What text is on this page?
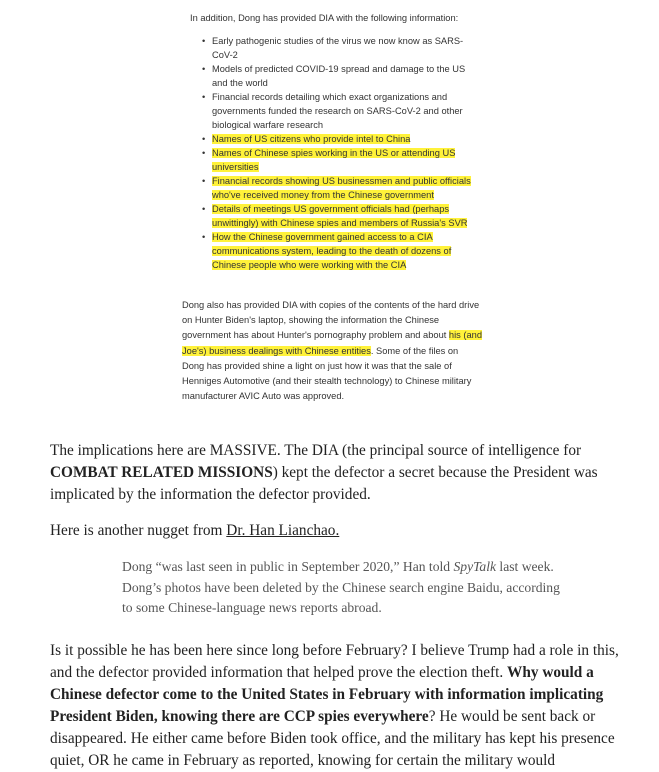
In addition, Dong has provided DIA with the following information:

• Early pathogenic studies of the virus we now know as SARS-CoV-2
• Models of predicted COVID-19 spread and damage to the US and the world
• Financial records detailing which exact organizations and governments funded the research on SARS-CoV-2 and other biological warfare research
• Names of US citizens who provide intel to China
• Names of Chinese spies working in the US or attending US universities
• Financial records showing US businessmen and public officials who've received money from the Chinese government
• Details of meetings US government officials had (perhaps unwittingly) with Chinese spies and members of Russia's SVR
• How the Chinese government gained access to a CIA communications system, leading to the death of dozens of Chinese people who were working with the CIA

Dong also has provided DIA with copies of the contents of the hard drive on Hunter Biden's laptop, showing the information the Chinese government has about Hunter's pornography problem and about his (and Joe's) business dealings with Chinese entities. Some of the files on Dong has provided shine a light on just how it was that the sale of Henniges Automotive (and their stealth technology) to Chinese military manufacturer AVIC Auto was approved.

The implications here are MASSIVE. The DIA (the principal source of intelligence for COMBAT RELATED MISSIONS) kept the defector a secret because the President was implicated by the information the defector provided.

Here is another nugget from Dr. Han Lianchao.

Dong “was last seen in public in September 2020,” Han told SpyTalk last week. Dong’s photos have been deleted by the Chinese search engine Baidu, according to some Chinese-language news reports abroad.

Is it possible he has been here since long before February? I believe Trump had a role in this, and the defector provided information that helped prove the election theft. Why would a Chinese defector come to the United States in February with information implicating President Biden, knowing there are CCP spies everywhere? He would be sent back or disappeared. He either came before Biden took office, and the military has kept his presence quiet, OR he came in February as reported, knowing for certain the military would
